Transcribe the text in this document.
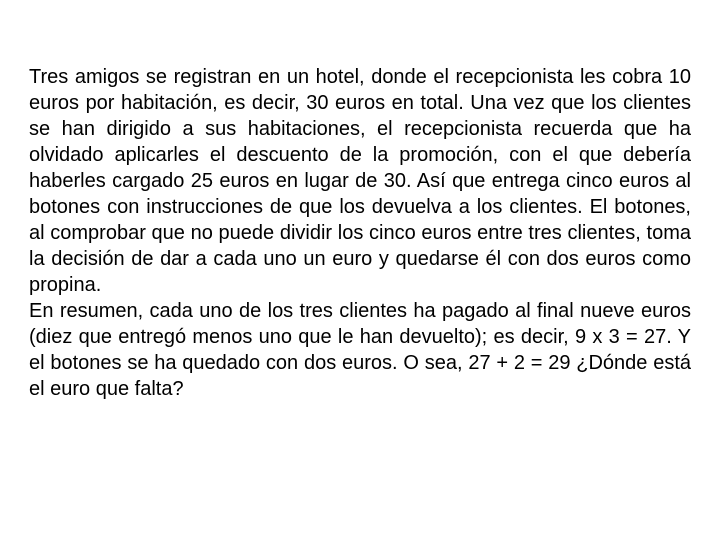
Tres amigos se registran en un hotel, donde el recepcionista les cobra 10 euros por habitación, es decir, 30 euros en total. Una vez que los clientes se han dirigido a sus habitaciones, el recepcionista recuerda que ha olvidado aplicarles el descuento de la promoción, con el que debería haberles cargado 25 euros en lugar de 30. Así que entrega cinco euros al botones con instrucciones de que los devuelva a los clientes. El botones, al comprobar que no puede dividir los cinco euros entre tres clientes, toma la decisión de dar a cada uno un euro y quedarse él con dos euros como propina.

En resumen, cada uno de los tres clientes ha pagado al final nueve euros (diez que entregó menos uno que le han devuelto); es decir, 9 x 3 = 27. Y el botones se ha quedado con dos euros. O sea, 27 + 2 = 29 ¿Dónde está el euro que falta?
